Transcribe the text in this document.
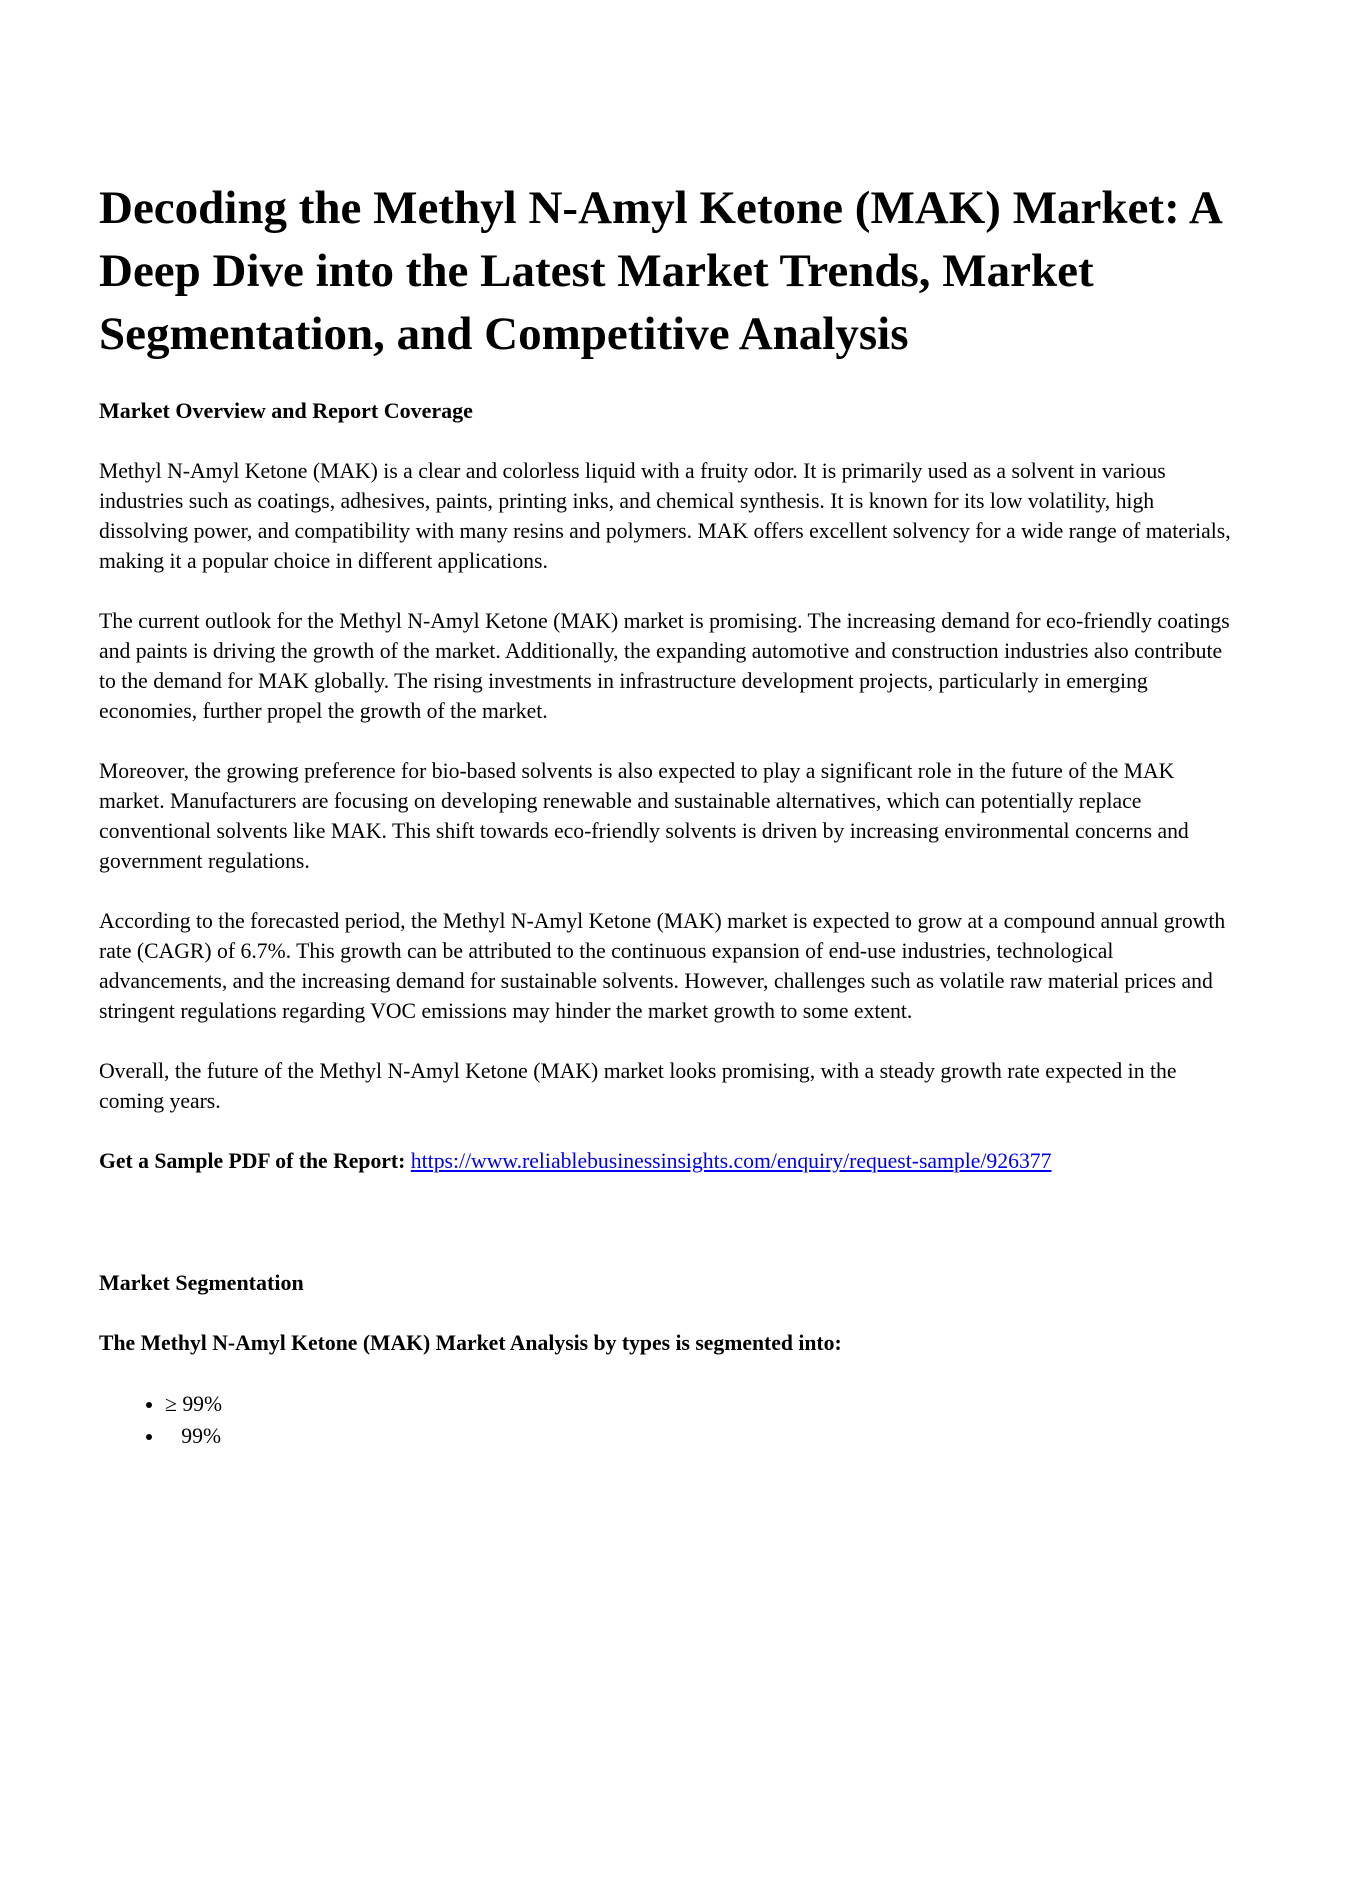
Decoding the Methyl N-Amyl Ketone (MAK) Market: A Deep Dive into the Latest Market Trends, Market Segmentation, and Competitive Analysis
Market Overview and Report Coverage

Methyl N-Amyl Ketone (MAK) is a clear and colorless liquid with a fruity odor. It is primarily used as a solvent in various industries such as coatings, adhesives, paints, printing inks, and chemical synthesis. It is known for its low volatility, high dissolving power, and compatibility with many resins and polymers. MAK offers excellent solvency for a wide range of materials, making it a popular choice in different applications.

The current outlook for the Methyl N-Amyl Ketone (MAK) market is promising. The increasing demand for eco-friendly coatings and paints is driving the growth of the market. Additionally, the expanding automotive and construction industries also contribute to the demand for MAK globally. The rising investments in infrastructure development projects, particularly in emerging economies, further propel the growth of the market.

Moreover, the growing preference for bio-based solvents is also expected to play a significant role in the future of the MAK market. Manufacturers are focusing on developing renewable and sustainable alternatives, which can potentially replace conventional solvents like MAK. This shift towards eco-friendly solvents is driven by increasing environmental concerns and government regulations.

According to the forecasted period, the Methyl N-Amyl Ketone (MAK) market is expected to grow at a compound annual growth rate (CAGR) of 6.7%. This growth can be attributed to the continuous expansion of end-use industries, technological advancements, and the increasing demand for sustainable solvents. However, challenges such as volatile raw material prices and stringent regulations regarding VOC emissions may hinder the market growth to some extent.

Overall, the future of the Methyl N-Amyl Ketone (MAK) market looks promising, with a steady growth rate expected in the coming years.

Get a Sample PDF of the Report: https://www.reliablebusinessinsights.com/enquiry/request-sample/926377

Market Segmentation

The Methyl N-Amyl Ketone (MAK) Market Analysis by types is segmented into:

• ≥ 99%
•    99%
